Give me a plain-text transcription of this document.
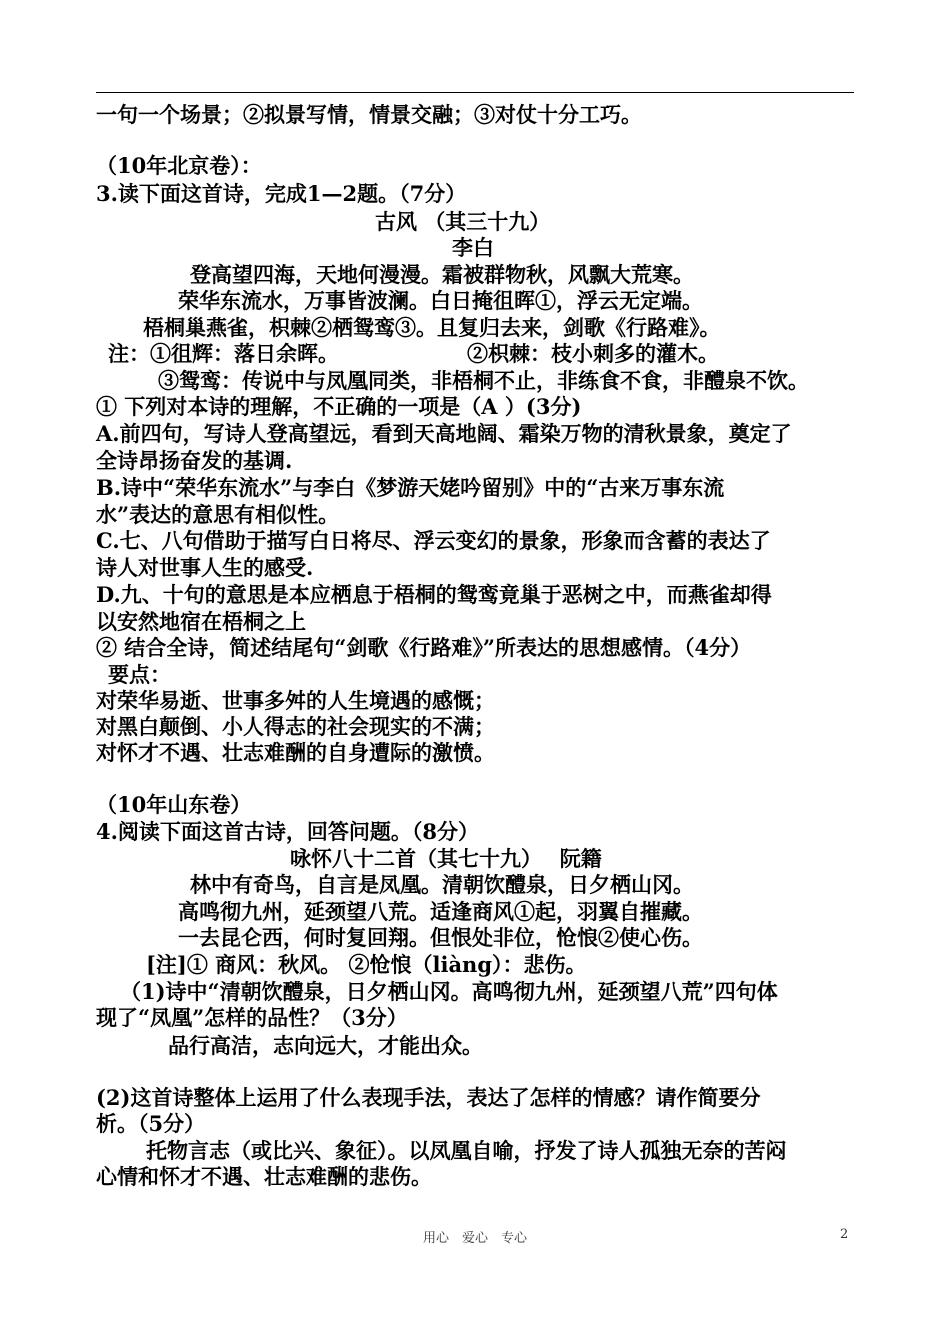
一句一个场景；②拟景写情，情景交融；③对仗十分工巧。
（10年北京卷）：
3.读下面这首诗，完成1—2题。（7分）
古风 （其三十九）
李白
登高望四海，天地何漫漫。霜被群物秋，风飘大荒寒。
荣华东流水，万事皆波澜。白日掩徂晖①，浮云无定端。
梧桐巢燕雀，枳棘②栖鸳鸾③。且复归去来，剑歌《行路难》。
注：①徂辉：落日余晖。	②枳棘：枝小刺多的灌木。
③鸳鸾：传说中与凤凰同类，非梧桐不止，非练食不食，非醴泉不饮。
① 下列对本诗的理解，不正确的一项是（A ）(3分)
A.前四句，写诗人登高望远，看到天高地阔、霜染万物的清秋景象，奠定了
全诗昂扬奋发的基调.
B.诗中“荣华东流水”与李白《梦游天姥吟留别》中的“古来万事东流
水”表达的意思有相似性。
C.七、八句借助于描写白日将尽、浮云变幻的景象，形象而含蓄的表达了
诗人对世事人生的感受.
D.九、十句的意思是本应栖息于梧桐的鸳鸾竟巢于恶树之中，而燕雀却得
以安然地宿在梧桐之上
② 结合全诗，简述结尾句“剑歌《行路难》”所表达的思想感情。（4分）
要点：
对荣华易逝、世事多舛的人生境遇的感慨；
对黑白颠倒、小人得志的社会现实的不满；
对怀才不遇、壮志难酬的自身遭际的激愤。
（10年山东卷）
4.阅读下面这首古诗，回答问题。（8分）
咏怀八十二首（其七十九）　 阮籍
林中有奇鸟，自言是凤凰。清朝饮醴泉，日夕栖山冈。
高鸣彻九州，延颈望八荒。适逢商风①起，羽翼自摧藏。
一去昆仑西，何时复回翔。但恨处非位，怆悢②使心伤。
[注]① 商风：秋风。 ②怆悢（liàng）：悲伤。
（1)诗中“清朝饮醴泉，日夕栖山冈。高鸣彻九州，延颈望八荒”四句体
现了“凤凰”怎样的品性？（3分）
品行高洁，志向远大，才能出众。
(2)这首诗整体上运用了什么表现手法，表达了怎样的情感？请作简要分
析。（5分）
托物言志（或比兴、象征）。以凤凰自喻，抒发了诗人孤独无奈的苦闷
心情和怀才不遇、壮志难酬的悲伤。
用心　爱心　专心	2
